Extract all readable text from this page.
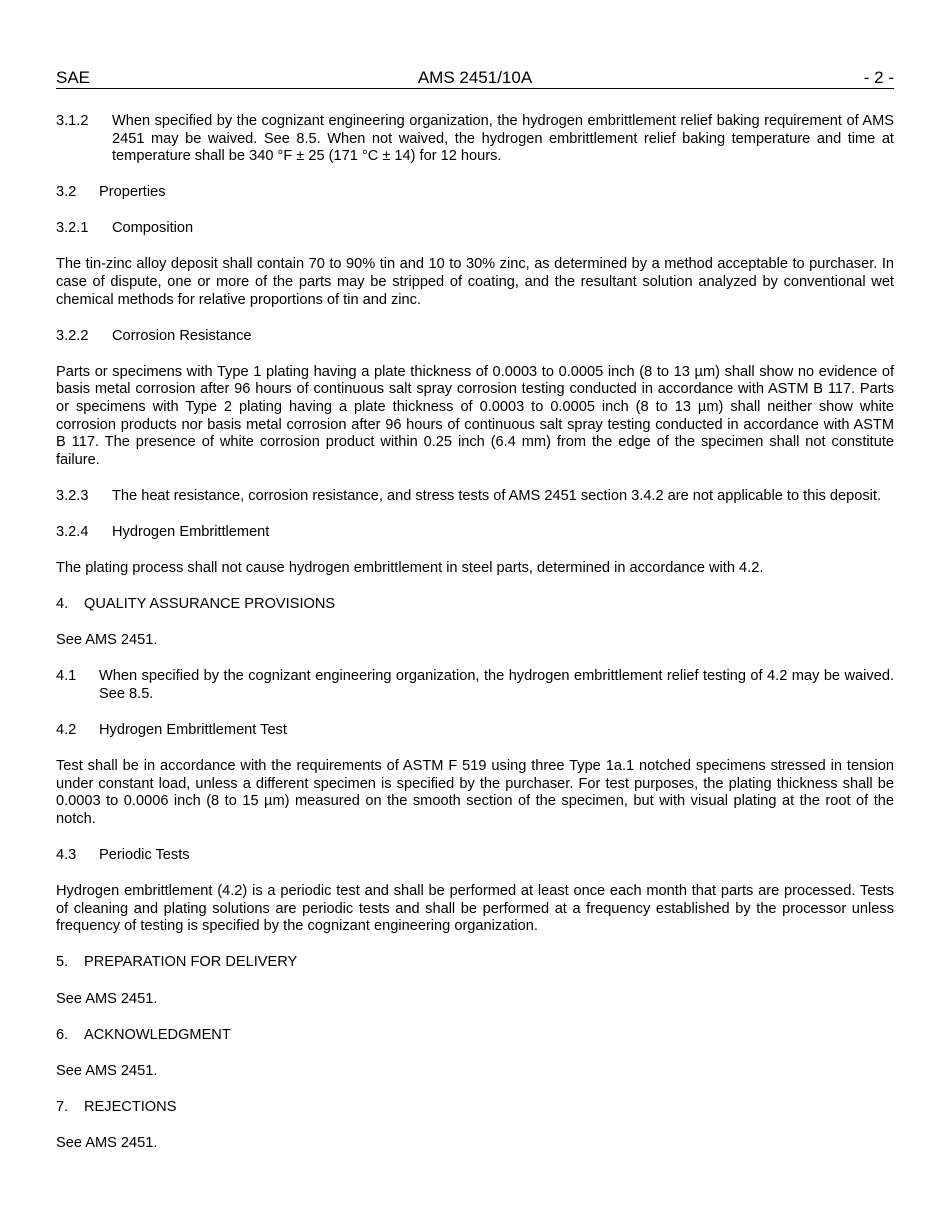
SAE	AMS 2451/10A	- 2 -
3.1.2	When specified by the cognizant engineering organization, the hydrogen embrittlement relief baking requirement of AMS 2451 may be waived. See 8.5. When not waived, the hydrogen embrittlement relief baking temperature and time at temperature shall be 340 °F ± 25 (171 °C ± 14) for 12 hours.
3.2	Properties
3.2.1	Composition

The tin-zinc alloy deposit shall contain 70 to 90% tin and 10 to 30% zinc, as determined by a method acceptable to purchaser. In case of dispute, one or more of the parts may be stripped of coating, and the resultant solution analyzed by conventional wet chemical methods for relative proportions of tin and zinc.

3.2.2	Corrosion Resistance

Parts or specimens with Type 1 plating having a plate thickness of 0.0003 to 0.0005 inch (8 to 13 µm) shall show no evidence of basis metal corrosion after 96 hours of continuous salt spray corrosion testing conducted in accordance with ASTM B 117. Parts or specimens with Type 2 plating having a plate thickness of 0.0003 to 0.0005 inch (8 to 13 µm) shall neither show white corrosion products nor basis metal corrosion after 96 hours of continuous salt spray testing conducted in accordance with ASTM B 117. The presence of white corrosion product within 0.25 inch (6.4 mm) from the edge of the specimen shall not constitute failure.

3.2.3	The heat resistance, corrosion resistance, and stress tests of AMS 2451 section 3.4.2 are not applicable to this deposit.
3.2.4	Hydrogen Embrittlement

The plating process shall not cause hydrogen embrittlement in steel parts, determined in accordance with 4.2.

4.	QUALITY ASSURANCE PROVISIONS

See AMS 2451.

4.1	When specified by the cognizant engineering organization, the hydrogen embrittlement relief testing of 4.2 may be waived. See 8.5.
4.2	Hydrogen Embrittlement Test

Test shall be in accordance with the requirements of ASTM F 519 using three Type 1a.1 notched specimens stressed in tension under constant load, unless a different specimen is specified by the purchaser. For test purposes, the plating thickness shall be 0.0003 to 0.0006 inch (8 to 15 µm) measured on the smooth section of the specimen, but with visual plating at the root of the notch.

4.3	Periodic Tests

Hydrogen embrittlement (4.2) is a periodic test and shall be performed at least once each month that parts are processed. Tests of cleaning and plating solutions are periodic tests and shall be performed at a frequency established by the processor unless frequency of testing is specified by the cognizant engineering organization.

5.	PREPARATION FOR DELIVERY

See AMS 2451.

6.	ACKNOWLEDGMENT

See AMS 2451.

7.	REJECTIONS

See AMS 2451.
